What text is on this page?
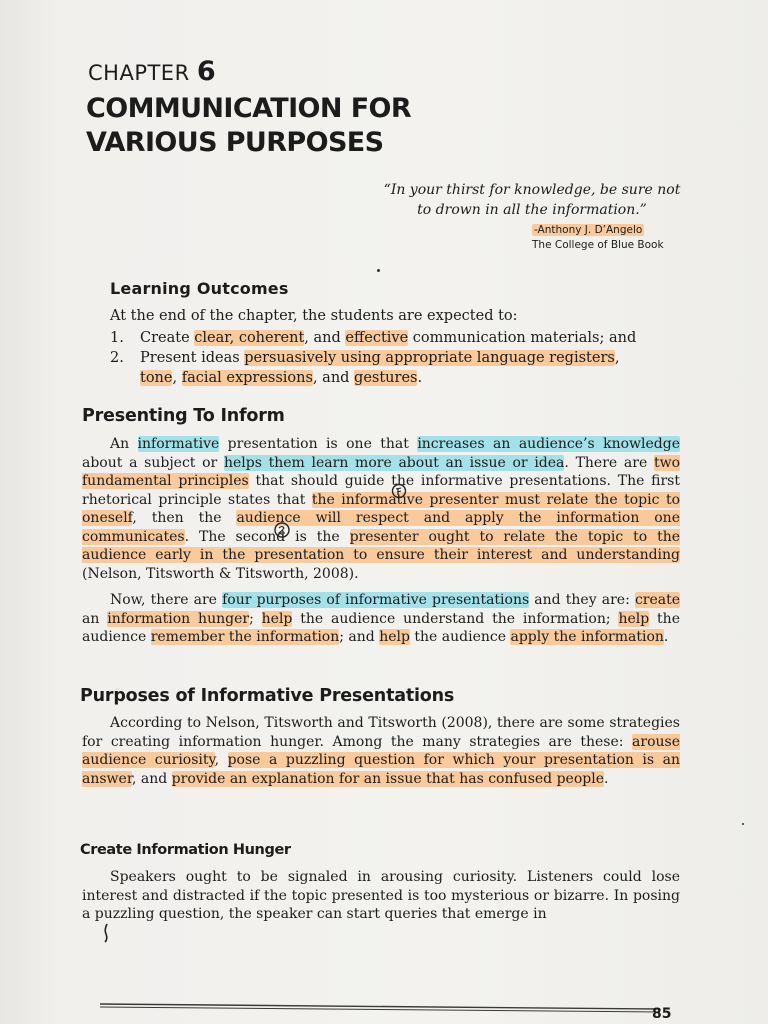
CHAPTER 6
COMMUNICATION FOR
VARIOUS PURPOSES
“In your thirst for knowledge, be sure not
to drown in all the information.”
-Anthony J. D’Angelo
The College of Blue Book
Learning Outcomes
At the end of the chapter, the students are expected to:
1. Create clear, coherent, and effective communication materials; and
2. Present ideas persuasively using appropriate language registers,
tone, facial expressions, and gestures.
Presenting To Inform

An informative presentation is one that increases an audience’s knowledge about a subject or helps them learn more about an issue or idea. There are two fundamental principles that should guide the informative presentations. The first rhetorical principle states that the informative presenter must relate the topic to oneself, then the audience will respect and apply the information one communicates. The second is the presenter ought to relate the topic to the audience early in the presentation to ensure their interest and understanding (Nelson, Titsworth & Titsworth, 2008).

Now, there are four purposes of informative presentations and they are: create an information hunger; help the audience understand the information; help the audience remember the information; and help the audience apply the information.

Purposes of Informative Presentations

According to Nelson, Titsworth and Titsworth (2008), there are some strategies for creating information hunger. Among the many strategies are these: arouse audience curiosity, pose a puzzling question for which your presentation is an answer, and provide an explanation for an issue that has confused people.

Create Information Hunger

Speakers ought to be signaled in arousing curiosity. Listeners could lose interest and distracted if the topic presented is too mysterious or bizarre. In posing a puzzling question, the speaker can start queries that emerge in

85
